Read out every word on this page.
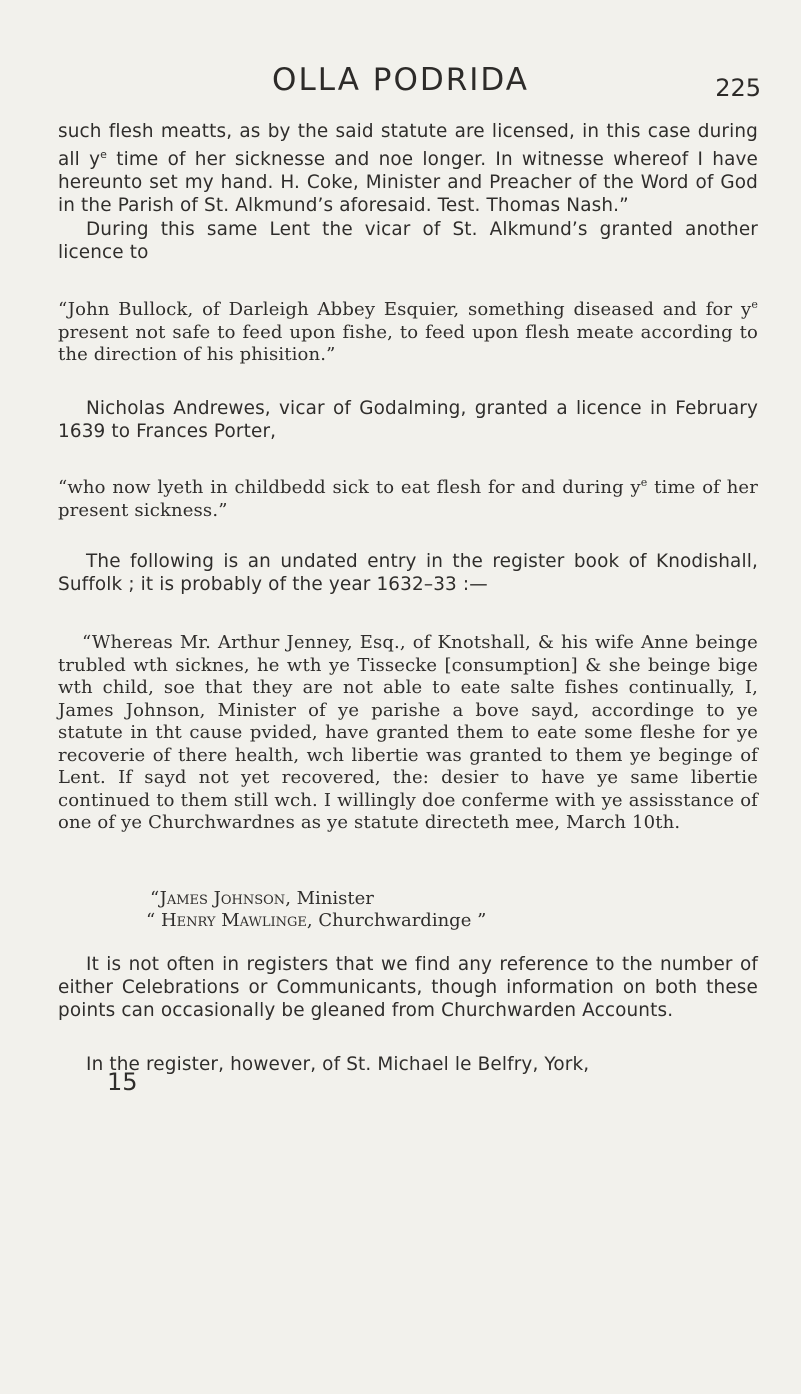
OLLA PODRIDA	225
such flesh meatts, as by the said statute are licensed, in this case during all $y^e$ time of her sicknesse and noe longer. In witnesse whereof I have hereunto set my hand. H. Coke, Minister and Preacher of the Word of God in the Parish of St. Alkmund’s aforesaid. Test. Thomas Nash.”
During this same Lent the vicar of St. Alkmund’s granted another licence to
“John Bullock, of Darleigh Abbey Esquier, something diseased and for $y^e$ present not safe to feed upon fishe, to feed upon flesh meate according to the direction of his phisition.”
Nicholas Andrewes, vicar of Godalming, granted a licence in February 1639 to Frances Porter,
“who now lyeth in childbedd sick to eat flesh for and during $y^e$ time of her present sickness.”
The following is an undated entry in the register book of Knodishall, Suffolk ; it is probably of the year 1632–33 :—
“Whereas Mr. Arthur Jenney, Esq., of Knotshall, & his wife Anne beinge trubled wth sicknes, he wth ye Tissecke [consumption] & she beinge bige wth child, soe that they are not able to eate salte fishes continually, I, James Johnson, Minister of ye parishe a bove sayd, accordinge to ye statute in tht cause pvided, have granted them to eate some fleshe for ye recoverie of there health, wch libertie was granted to them ye beginge of Lent. If sayd not yet recovered, the: desier to have ye same libertie continued to them still wch. I willingly doe conferme with ye assisstance of one of ye Churchwardnes as ye statute directeth mee, March 10th.
“James Johnson, Minister
“ Henry Mawlinge, Churchwardinge ”
It is not often in registers that we find any reference to the number of either Celebrations or Communicants, though information on both these points can occasionally be gleaned from Churchwarden Accounts.
In the register, however, of St. Michael le Belfry, York,
15
